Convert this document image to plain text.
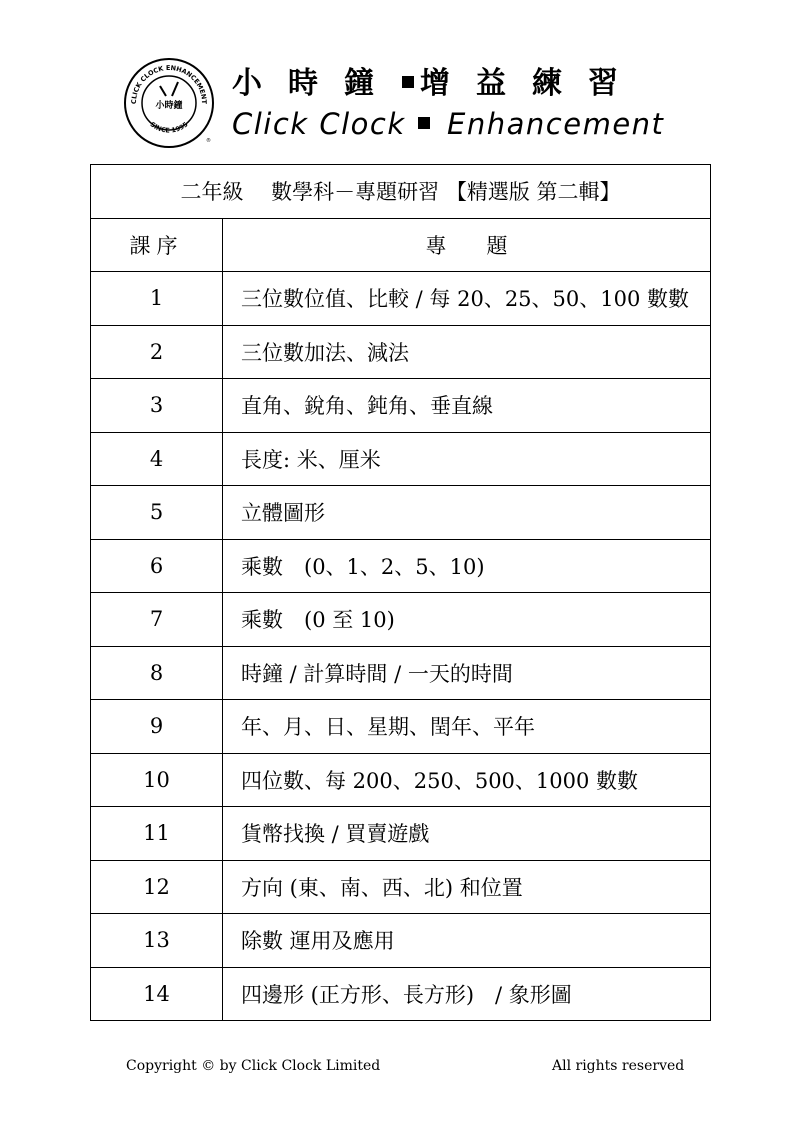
CLICK CLOCK ENHANCEMENT
SINCE 1995
小時鐘
®
小時鐘 增益練習
Click Clock Enhancement
二年級　 數學科－專題研習 【精選版 第二輯】	
課序	專題
1	三位數位值、比較 / 每 20、25、50、100 數數
2	三位數加法、減法
3	直角、銳角、鈍角、垂直線
4	長度: 米、厘米
5	立體圖形
6	乘數　(0、1、2、5、10)
7	乘數　(0 至 10)
8	時鐘 / 計算時間 / 一天的時間
9	年、月、日、星期、閏年、平年
10	四位數、每 200、250、500、1000 數數
11	貨幣找換 / 買賣遊戲
12	方向 (東、南、西、北) 和位置
13	除數 運用及應用
14	四邊形 (正方形、長方形)　/ 象形圖
Copyright © by Click Clock Limited	All rights reserved
